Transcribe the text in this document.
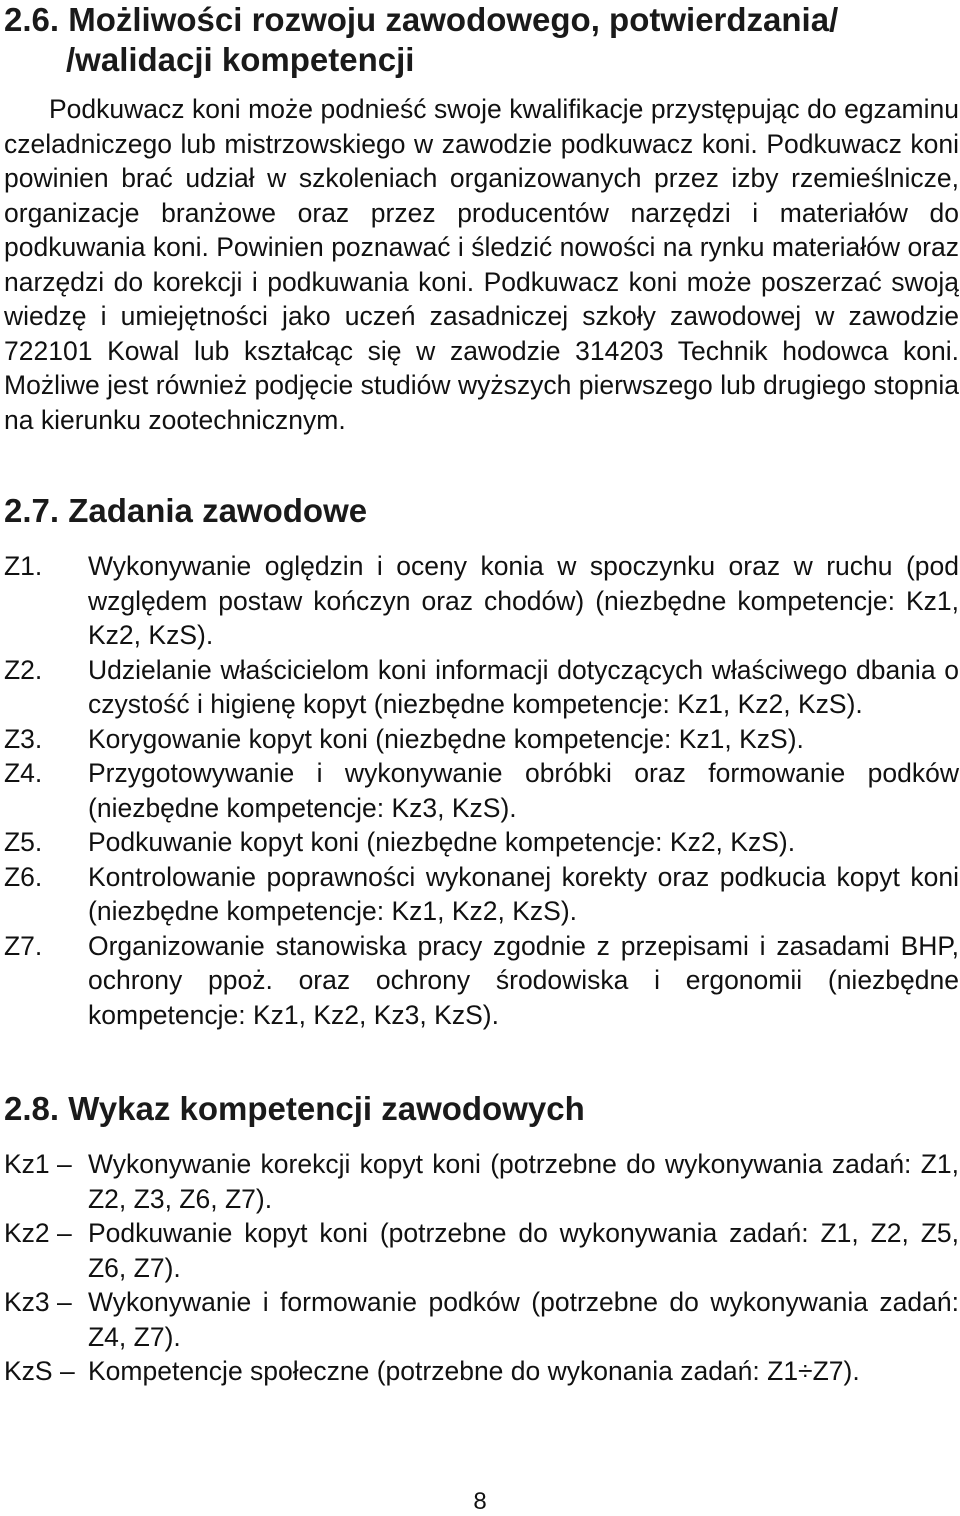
2.6. Możliwości rozwoju zawodowego, potwierdzania/
/walidacji kompetencji
Podkuwacz koni może podnieść swoje kwalifikacje przystępując do egzaminu czeladniczego lub mistrzowskiego w zawodzie podkuwacz koni. Podkuwacz koni powinien brać udział w szkoleniach organizowanych przez izby rzemieślnicze, organizacje branżowe oraz przez producentów narzędzi i materiałów do podkuwania koni. Powinien poznawać i śledzić nowości na rynku materiałów oraz narzędzi do korekcji i podkuwania koni. Podkuwacz koni może poszerzać swoją wiedzę i umiejętności jako uczeń zasadniczej szkoły zawodowej w zawodzie 722101 Kowal lub kształcąc się w zawodzie 314203 Technik hodowca koni. Możliwe jest również podjęcie studiów wyższych pierwszego lub drugiego stopnia na kierunku zootechnicznym.
2.7. Zadania zawodowe
Z1.	Wykonywanie oględzin i oceny konia w spoczynku oraz w ruchu (pod względem postaw kończyn oraz chodów) (niezbędne kompetencje: Kz1, Kz2, KzS).
Z2.	Udzielanie właścicielom koni informacji dotyczących właściwego dbania o czystość i higienę kopyt (niezbędne kompetencje: Kz1, Kz2, KzS).
Z3.	Korygowanie kopyt koni (niezbędne kompetencje: Kz1, KzS).
Z4.	Przygotowywanie i wykonywanie obróbki oraz formowanie podków (niezbędne kompetencje: Kz3, KzS).
Z5.	Podkuwanie kopyt koni (niezbędne kompetencje: Kz2, KzS).
Z6.	Kontrolowanie poprawności wykonanej korekty oraz podkucia kopyt koni (niezbędne kompetencje: Kz1, Kz2, KzS).
Z7.	Organizowanie stanowiska pracy zgodnie z przepisami i zasadami BHP, ochrony ppoż. oraz ochrony środowiska i ergonomii (niezbędne kompetencje: Kz1, Kz2, Kz3, KzS).
2.8. Wykaz kompetencji zawodowych
Kz1 – Wykonywanie korekcji kopyt koni (potrzebne do wykonywania zadań: Z1, Z2, Z3, Z6, Z7).
Kz2 – Podkuwanie kopyt koni (potrzebne do wykonywania zadań: Z1, Z2, Z5, Z6, Z7).
Kz3 – Wykonywanie i formowanie podków (potrzebne do wykonywania zadań: Z4, Z7).
KzS – Kompetencje społeczne (potrzebne do wykonania zadań: Z1÷Z7).
8
